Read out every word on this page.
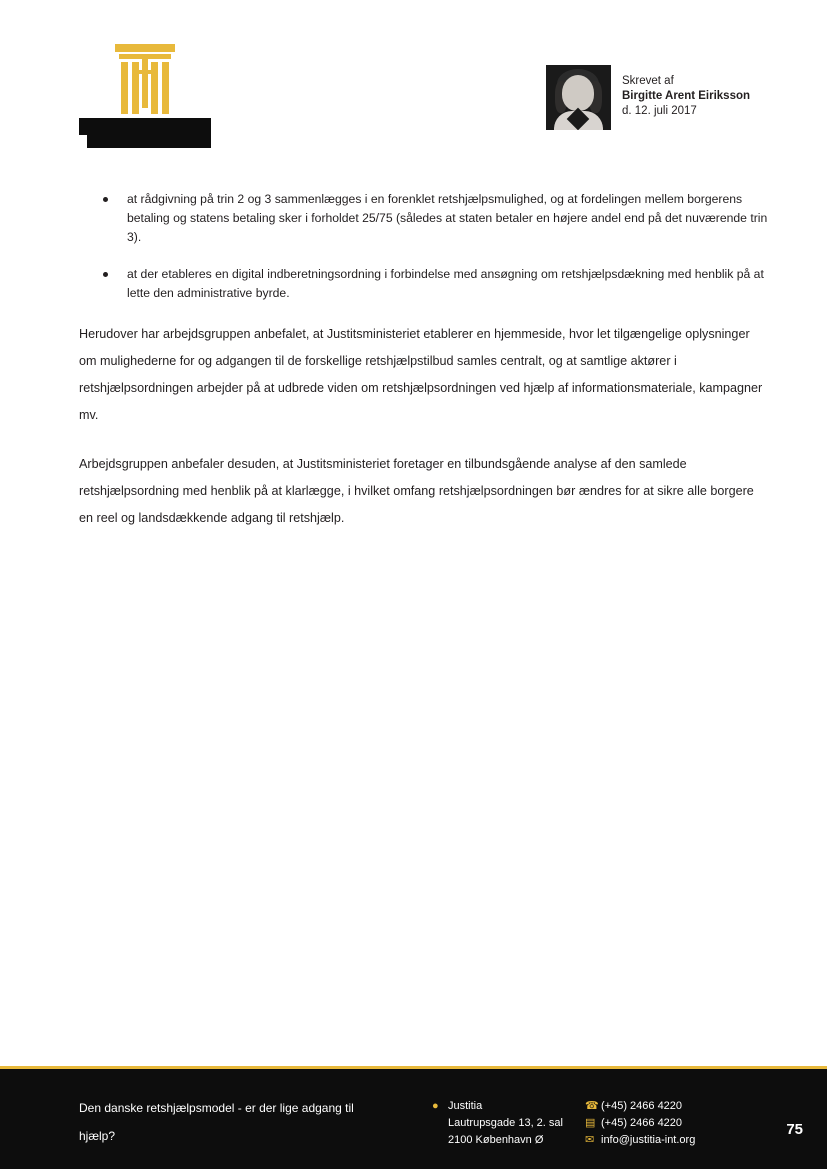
Skrevet af
Birgitte Arent Eiriksson
d. 12. juli 2017
at rådgivning på trin 2 og 3 sammenlægges i en forenklet retshjælpsmulighed, og at fordelingen mellem borgerens betaling og statens betaling sker i forholdet 25/75 (således at staten betaler en højere andel end på det nuværende trin 3).
at der etableres en digital indberetningsordning i forbindelse med ansøgning om retshjælpsdækning med henblik på at lette den administrative byrde.

Herudover har arbejdsgruppen anbefalet, at Justitsministeriet etablerer en hjemmeside, hvor let tilgængelige oplysninger om mulighederne for og adgangen til de forskellige retshjælpstilbud samles centralt, og at samtlige aktører i retshjælpsordningen arbejder på at udbrede viden om retshjælpsordningen ved hjælp af informationsmateriale, kampagner mv.

Arbejdsgruppen anbefaler desuden, at Justitsministeriet foretager en tilbundsgående analyse af den samlede retshjælpsordning med henblik på at klarlægge, i hvilket omfang retshjælpsordningen bør ændres for at sikre alle borgere en reel og landsdækkende adgang til retshjælp.

Den danske retshjælpsmodel - er der lige adgang til hjælp?
● Justitia
Lautrupsgade 13, 2. sal
2100 København Ø
☎ (+45) 2466 4220
▤ (+45) 2466 4220
✉ info@justitia-int.org
75
